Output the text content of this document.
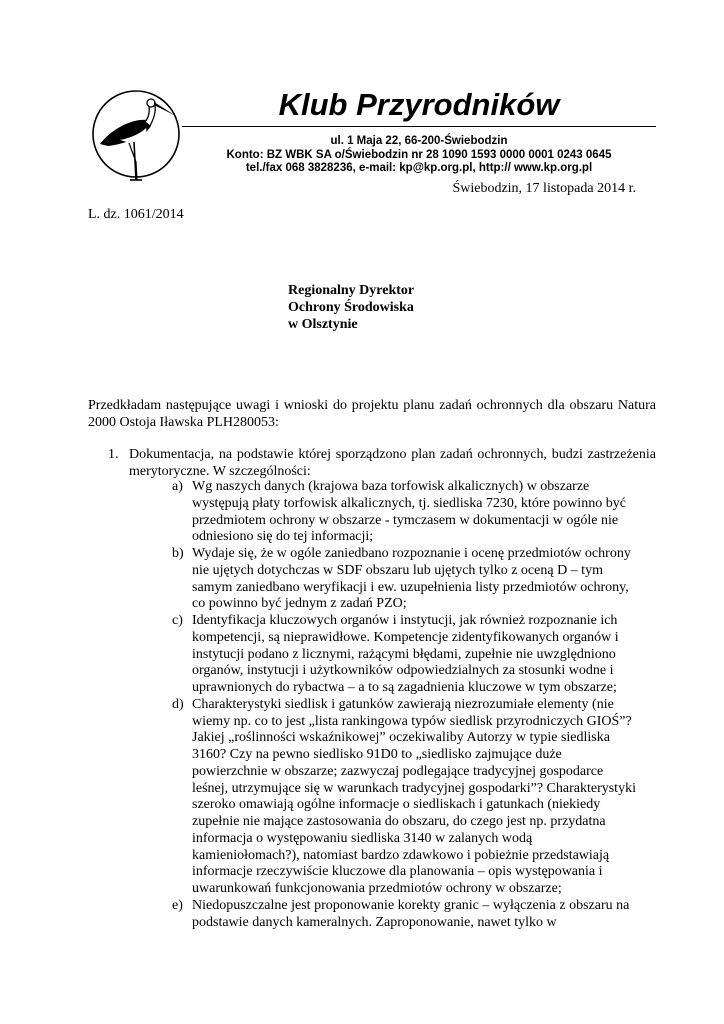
Klub Przyrodników
ul. 1 Maja 22, 66-200-Świebodzin
Konto: BZ WBK SA o/Świebodzin nr 28 1090 1593 0000 0001 0243 0645
tel./fax 068 3828236, e-mail: kp@kp.org.pl, http:// www.kp.org.pl
Świebodzin, 17 listopada 2014 r.
L. dz. 1061/2014
Regionalny Dyrektor
Ochrony Środowiska
w Olsztynie
Przedkładam następujące uwagi i wnioski do projektu planu zadań ochronnych dla obszaru Natura 2000 Ostoja Iławska PLH280053:
1. Dokumentacja, na podstawie której sporządzono plan zadań ochronnych, budzi zastrzeżenia merytoryczne. W szczególności:
a) Wg naszych danych (krajowa baza torfowisk alkalicznych) w obszarze
występują płaty torfowisk alkalicznych, tj. siedliska 7230, które powinno być
przedmiotem ochrony w obszarze - tymczasem w dokumentacji w ogóle nie
odniesiono się do tej informacji;
b) Wydaje się, że w ogóle zaniedbano rozpoznanie i ocenę przedmiotów ochrony
nie ujętych dotychczas w SDF obszaru lub ujętych tylko z oceną D – tym
samym zaniedbano weryfikacji i ew. uzupełnienia listy przedmiotów ochrony,
co powinno być jednym z zadań PZO;
c) Identyfikacja kluczowych organów i instytucji, jak również rozpoznanie ich
kompetencji, są nieprawidłowe. Kompetencje zidentyfikowanych organów i
instytucji podano z licznymi, rażącymi błędami, zupełnie nie uwzględniono
organów, instytucji i użytkowników odpowiedzialnych za stosunki wodne i
uprawnionych do rybactwa – a to są zagadnienia kluczowe w tym obszarze;
d) Charakterystyki siedlisk i gatunków zawierają niezrozumiałe elementy (nie
wiemy np. co to jest „lista rankingowa typów siedlisk przyrodniczych GIOŚ”?
Jakiej „roślinności wskaźnikowej” oczekiwaliby Autorzy w typie siedliska
3160? Czy na pewno siedlisko 91D0 to „siedlisko zajmujące duże
powierzchnie w obszarze; zazwyczaj podlegające tradycyjnej gospodarce
leśnej, utrzymujące się w warunkach tradycyjnej gospodarki”? Charakterystyki
szeroko omawiają ogólne informacje o siedliskach i gatunkach (niekiedy
zupełnie nie mające zastosowania do obszaru, do czego jest np. przydatna
informacja o występowaniu siedliska 3140 w zalanych wodą
kamieniołomach?), natomiast bardzo zdawkowo i pobieżnie przedstawiają
informacje rzeczywiście kluczowe dla planowania – opis występowania i
uwarunkowań funkcjonowania przedmiotów ochrony w obszarze;
e) Niedopuszczalne jest proponowanie korekty granic – wyłączenia z obszaru na
podstawie danych kameralnych. Zaproponowanie, nawet tylko w
